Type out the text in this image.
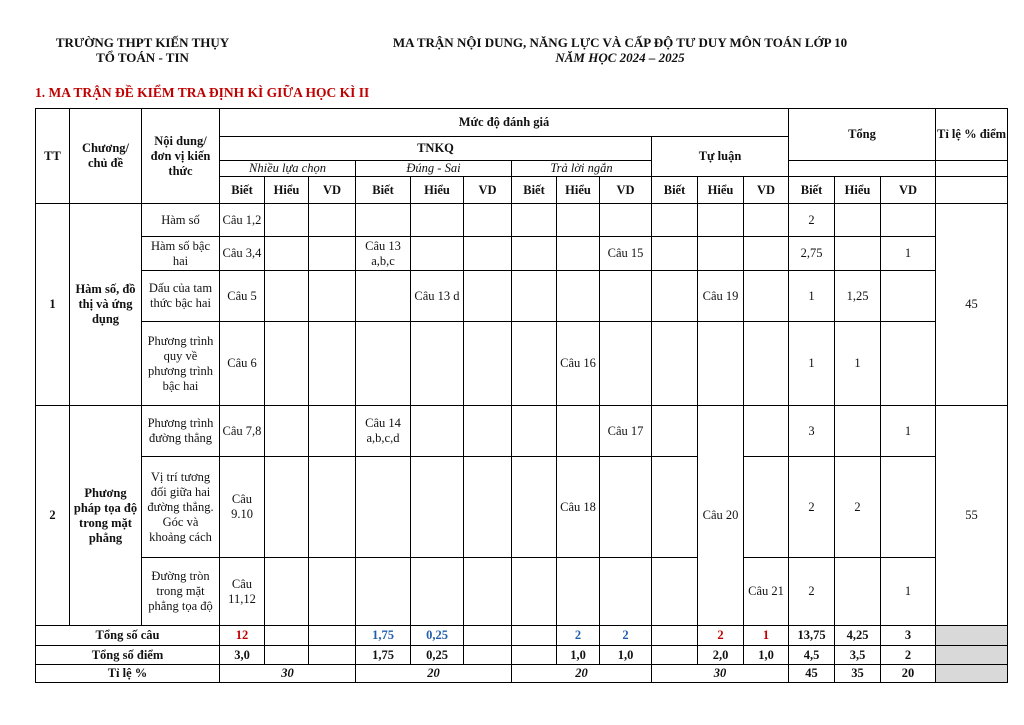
TRƯỜNG THPT KIẾN THỤY
TỔ TOÁN - TIN
MA TRẬN NỘI DUNG, NĂNG LỰC VÀ CẤP ĐỘ TƯ DUY MÔN TOÁN LỚP 10
NĂM HỌC 2024 – 2025
1. MA TRẬN ĐỀ KIỂM TRA ĐỊNH KÌ GIỮA HỌC KÌ II
TT	Chương/ chủ đề	Nội dung/ đơn vị kiến thức	Mức độ đánh giá												Tổng			Tỉ lệ % điểm
			TNKQ									Tự luận						
			Nhiều lựa chọn			Đúng - Sai			Trả lời ngắn									
			Biết	Hiểu	VD	Biết	Hiểu	VD	Biết	Hiểu	VD	Biết	Hiểu	VD	Biết	Hiểu	VD	
1	Hàm số, đồ thị và ứng dụng	Hàm số	Câu 1,2												2			45
		Hàm số bậc hai	Câu 3,4			Câu 13 a,b,c					Câu 15				2,75		1	
		Dấu của tam thức bậc hai	Câu 5				Câu 13 d						Câu 19		1	1,25		
		Phương trình quy về phương trình bậc hai	Câu 6							Câu 16					1	1		
2	Phương pháp tọa độ trong mặt phẳng	Phương trình đường thẳng	Câu 7,8			Câu 14 a,b,c,d					Câu 17		Câu 20		3		1	55
		Vị trí tương đối giữa hai đường thẳng. Góc và khoảng cách	Câu 9.10							Câu 18					2	2		
		Đường tròn trong mặt phẳng tọa độ	Câu 11,12											Câu 21	2		1	
Tổng số câu			12			1,75	0,25			2	2		2	1	13,75	4,25	3	
Tổng số điểm			3,0			1,75	0,25			1,0	1,0		2,0	1,0	4,5	3,5	2	
Tỉ lệ %			30			20			20			30			45	35	20	
